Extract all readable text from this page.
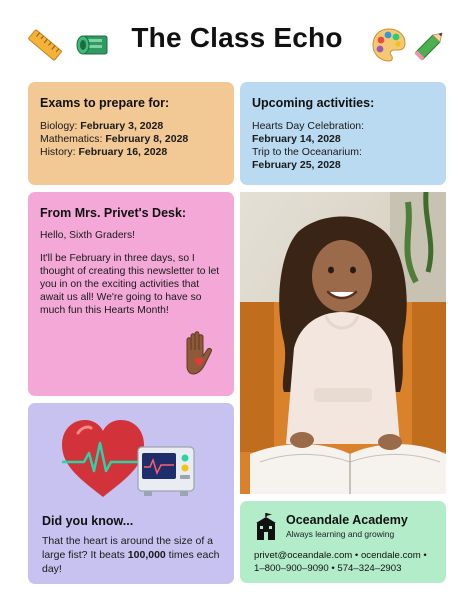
The Class Echo
Exams to prepare for:
Biology: February 3, 2028
Mathematics: February 8, 2028
History: February 16, 2028
Upcoming activities:
Hearts Day Celebration:
February 14, 2028
Trip to the Oceanarium:
February 25, 2028
From Mrs. Privet's Desk:

Hello, Sixth Graders!

It'll be February in three days, so I thought of creating this newsletter to let you in on the exciting activities that await us all! We're going to have so much fun this Hearts Month!

Did you know...

That the heart is around the size of a large fist? It beats 100,000 times each day!

Oceandale Academy
Always learning and growing
privet@oceandale.com • ocendale.com •
1–800–900–9090 • 574–324–2903
